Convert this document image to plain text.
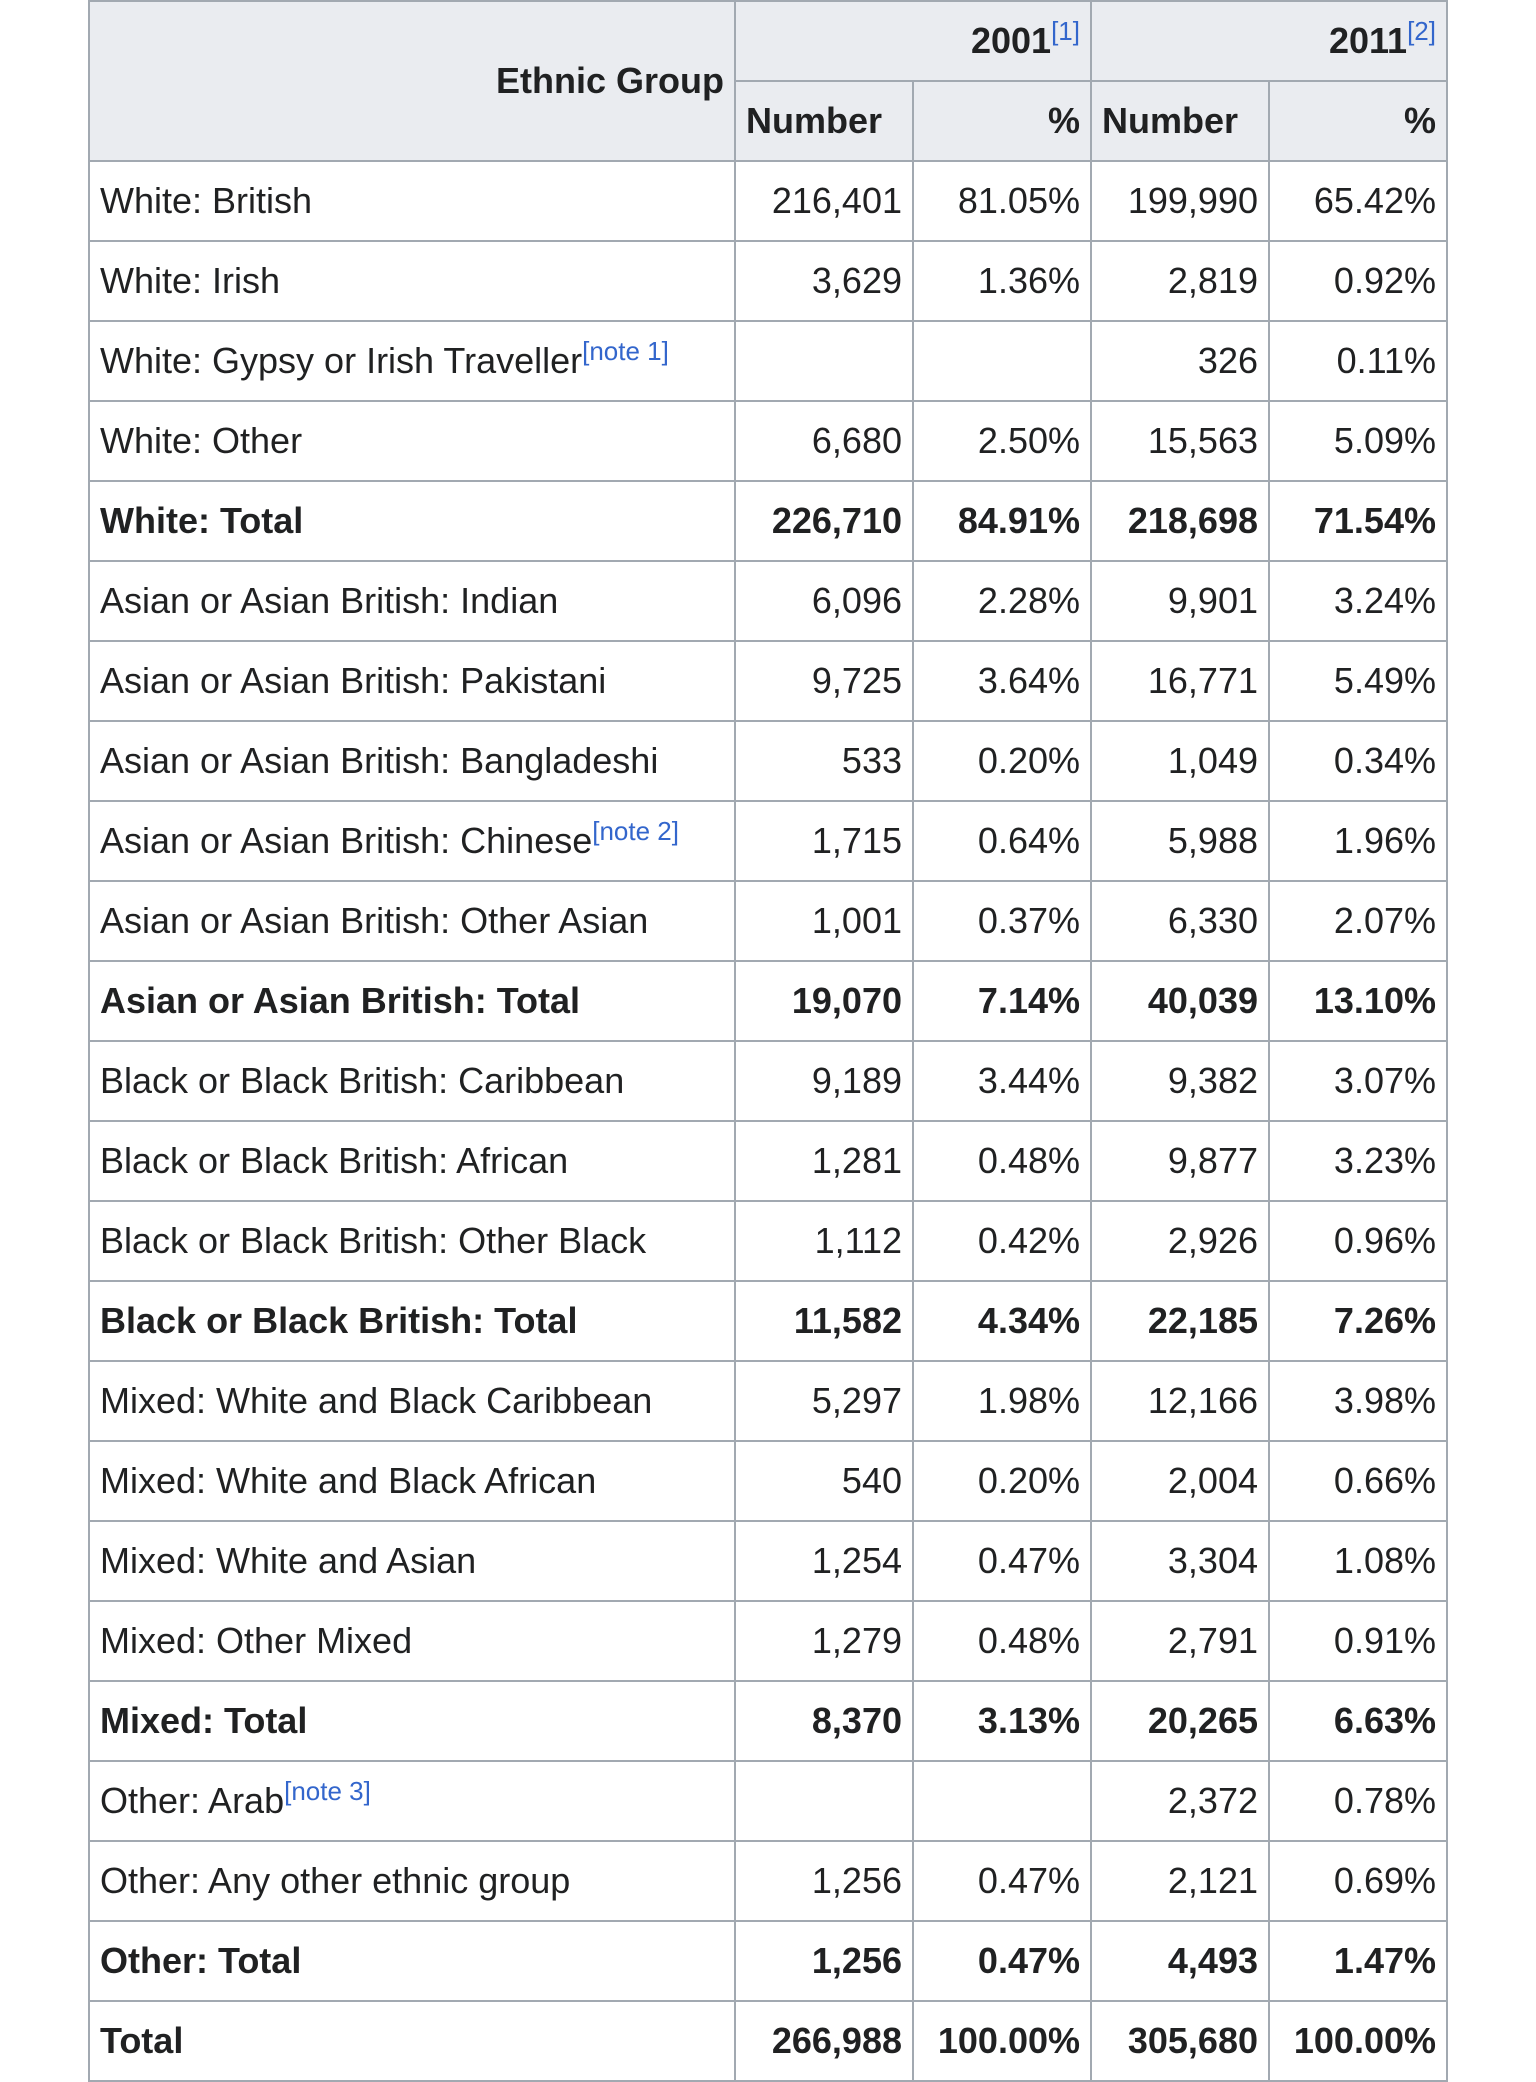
Ethnic Group	2001[1]		2011[2]
	Number	%	Number	%
White: British	216,401	81.05%	199,990	65.42%
White: Irish	3,629	1.36%	2,819	0.92%
White: Gypsy or Irish Traveller[note 1]			326	0.11%
White: Other	6,680	2.50%	15,563	5.09%
White: Total	226,710	84.91%	218,698	71.54%
Asian or Asian British: Indian	6,096	2.28%	9,901	3.24%
Asian or Asian British: Pakistani	9,725	3.64%	16,771	5.49%
Asian or Asian British: Bangladeshi	533	0.20%	1,049	0.34%
Asian or Asian British: Chinese[note 2]	1,715	0.64%	5,988	1.96%
Asian or Asian British: Other Asian	1,001	0.37%	6,330	2.07%
Asian or Asian British: Total	19,070	7.14%	40,039	13.10%
Black or Black British: Caribbean	9,189	3.44%	9,382	3.07%
Black or Black British: African	1,281	0.48%	9,877	3.23%
Black or Black British: Other Black	1,112	0.42%	2,926	0.96%
Black or Black British: Total	11,582	4.34%	22,185	7.26%
Mixed: White and Black Caribbean	5,297	1.98%	12,166	3.98%
Mixed: White and Black African	540	0.20%	2,004	0.66%
Mixed: White and Asian	1,254	0.47%	3,304	1.08%
Mixed: Other Mixed	1,279	0.48%	2,791	0.91%
Mixed: Total	8,370	3.13%	20,265	6.63%
Other: Arab[note 3]			2,372	0.78%
Other: Any other ethnic group	1,256	0.47%	2,121	0.69%
Other: Total	1,256	0.47%	4,493	1.47%
Total	266,988	100.00%	305,680	100.00%
